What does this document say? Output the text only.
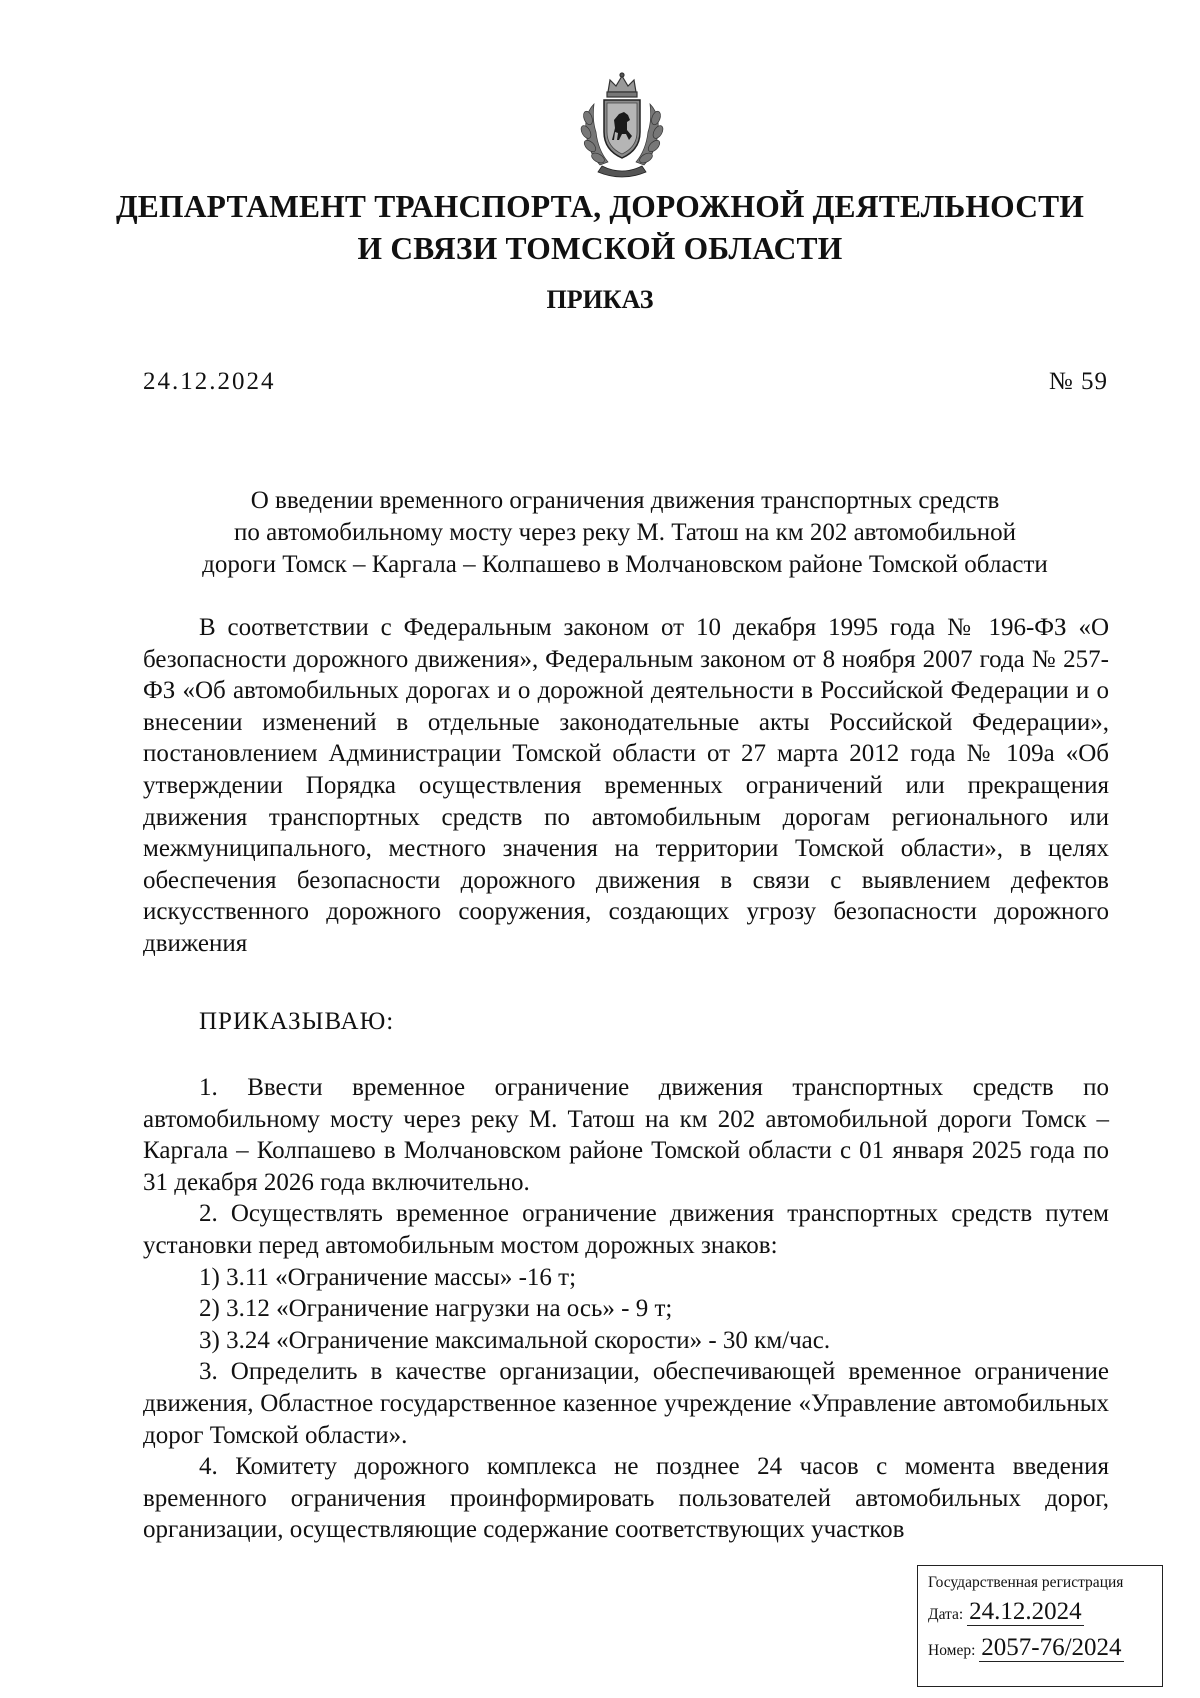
ДЕПАРТАМЕНТ ТРАНСПОРТА, ДОРОЖНОЙ ДЕЯТЕЛЬНОСТИ
И СВЯЗИ ТОМСКОЙ ОБЛАСТИ
ПРИКАЗ
24.12.2024	№ 59
О введении временного ограничения движения транспортных средств
по автомобильному мосту через реку М. Татош на км 202 автомобильной
дороги Томск – Каргала – Колпашево в Молчановском районе Томской области

В соответствии с Федеральным законом от 10 декабря 1995 года № 196-ФЗ «О безопасности дорожного движения», Федеральным законом от 8 ноября 2007 года № 257-ФЗ «Об автомобильных дорогах и о дорожной деятельности в Российской Федерации и о внесении изменений в отдельные законодательные акты Российской Федерации», постановлением Администрации Томской области от 27 марта 2012 года № 109а «Об утверждении Порядка осуществления временных ограничений или прекращения движения транспортных средств по автомобильным дорогам регионального или межмуниципального, местного значения на территории Томской области», в целях обеспечения безопасности дорожного движения в связи с выявлением дефектов искусственного дорожного сооружения, создающих угрозу безопасности дорожного движения

ПРИКАЗЫВАЮ:

1. Ввести временное ограничение движения транспортных средств по автомобильному мосту через реку М. Татош на км 202 автомобильной дороги Томск – Каргала – Колпашево в Молчановском районе Томской области с 01 января 2025 года по 31 декабря 2026 года включительно.

2. Осуществлять временное ограничение движения транспортных средств путем установки перед автомобильным мостом дорожных знаков:

1) 3.11 «Ограничение массы» -16 т;

2) 3.12 «Ограничение нагрузки на ось» - 9 т;

3) 3.24 «Ограничение максимальной скорости» - 30 км/час.

3. Определить в качестве организации, обеспечивающей временное ограничение движения, Областное государственное казенное учреждение «Управление автомобильных дорог Томской области».

4. Комитету дорожного комплекса не позднее 24 часов с момента введения временного ограничения проинформировать пользователей автомобильных дорог, организации, осуществляющие содержание соответствующих участков

Государственная регистрация
Дата: 24.12.2024
Номер: 2057-76/2024
